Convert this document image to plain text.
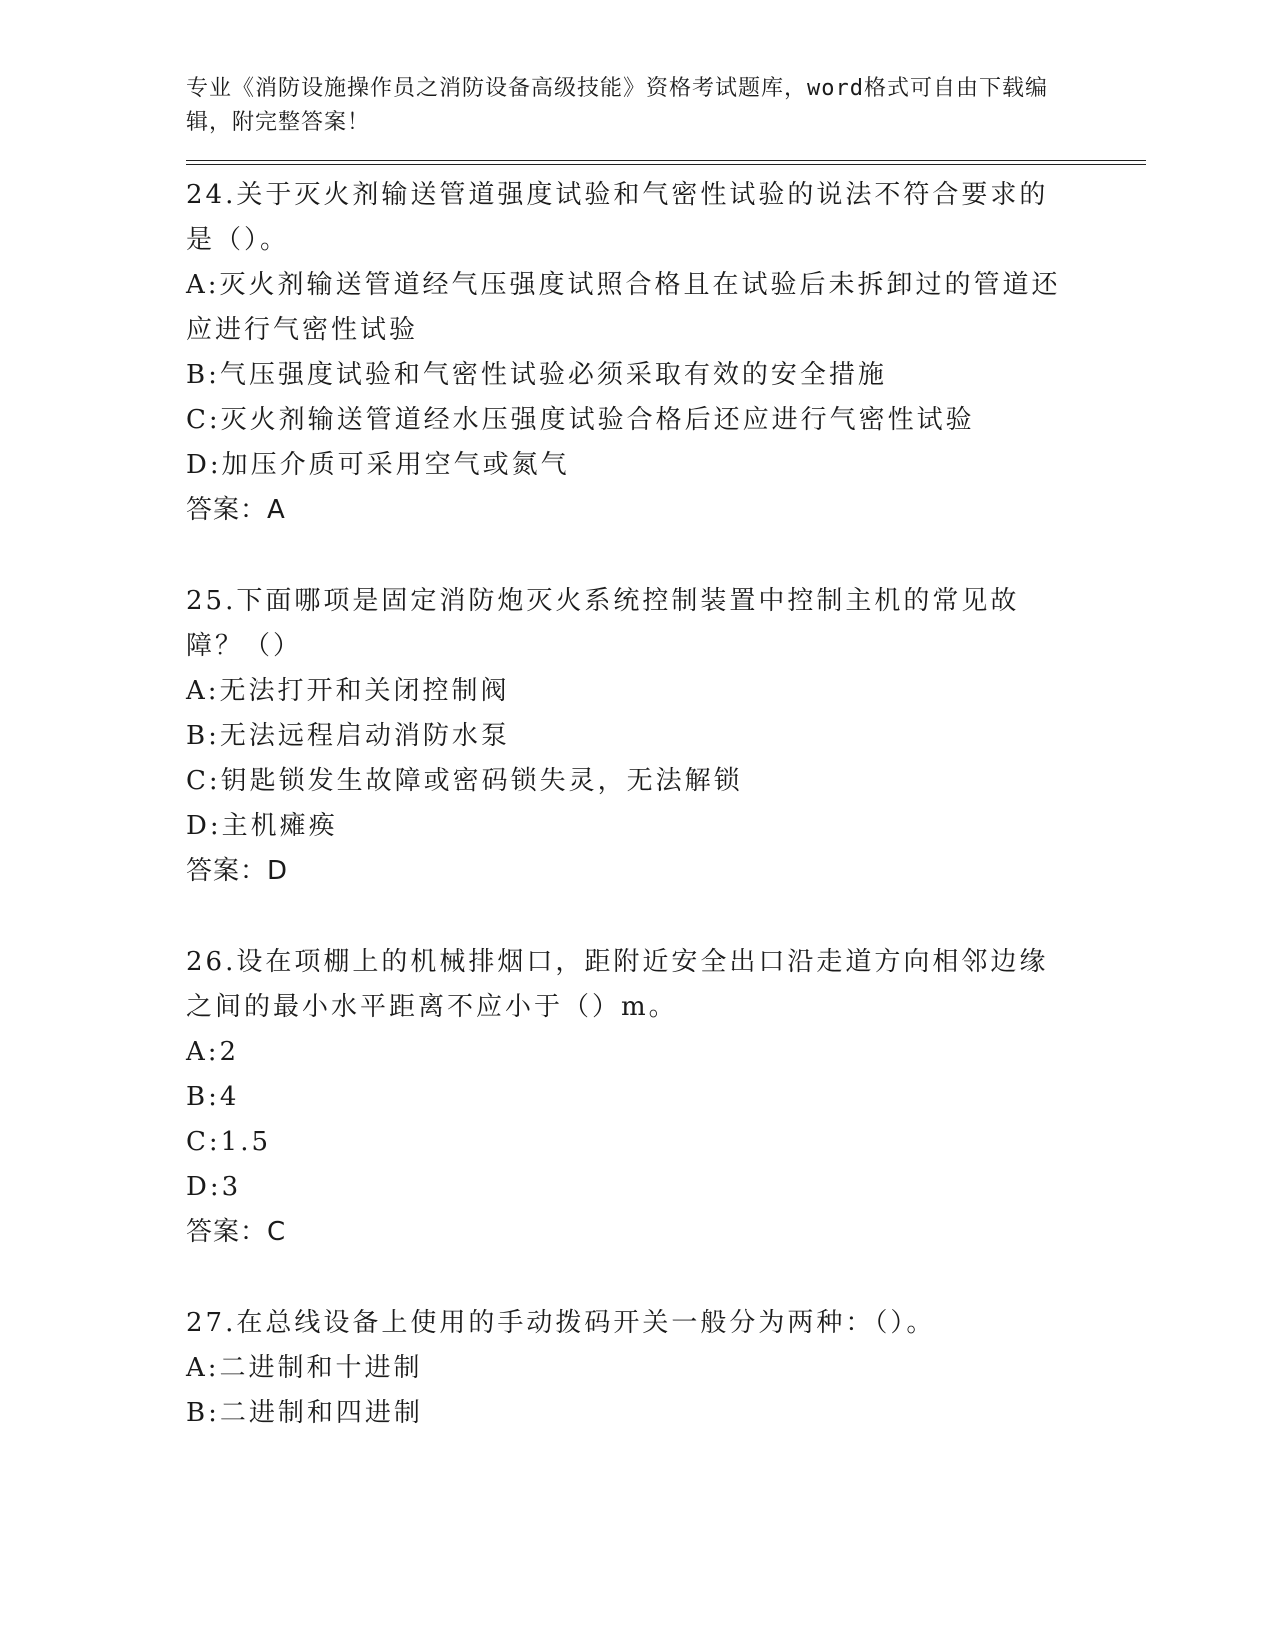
专业《消防设施操作员之消防设备高级技能》资格考试题库，word格式可自由下载编辑，附完整答案！
24.关于灭火剂输送管道强度试验和气密性试验的说法不符合要求的是（）。
A:灭火剂输送管道经气压强度试照合格且在试验后未拆卸过的管道还应进行气密性试验
B:气压强度试验和气密性试验必须采取有效的安全措施
C:灭火剂输送管道经水压强度试验合格后还应进行气密性试验
D:加压介质可采用空气或氮气
答案：A
25.下面哪项是固定消防炮灭火系统控制装置中控制主机的常见故障？（）
A:无法打开和关闭控制阀
B:无法远程启动消防水泵
C:钥匙锁发生故障或密码锁失灵，无法解锁
D:主机瘫痪
答案：D
26.设在项棚上的机械排烟口，距附近安全出口沿走道方向相邻边缘之间的最小水平距离不应小于（）m。
A:2
B:4
C:1.5
D:3
答案：C
27.在总线设备上使用的手动拨码开关一般分为两种：（）。
A:二进制和十进制
B:二进制和四进制
